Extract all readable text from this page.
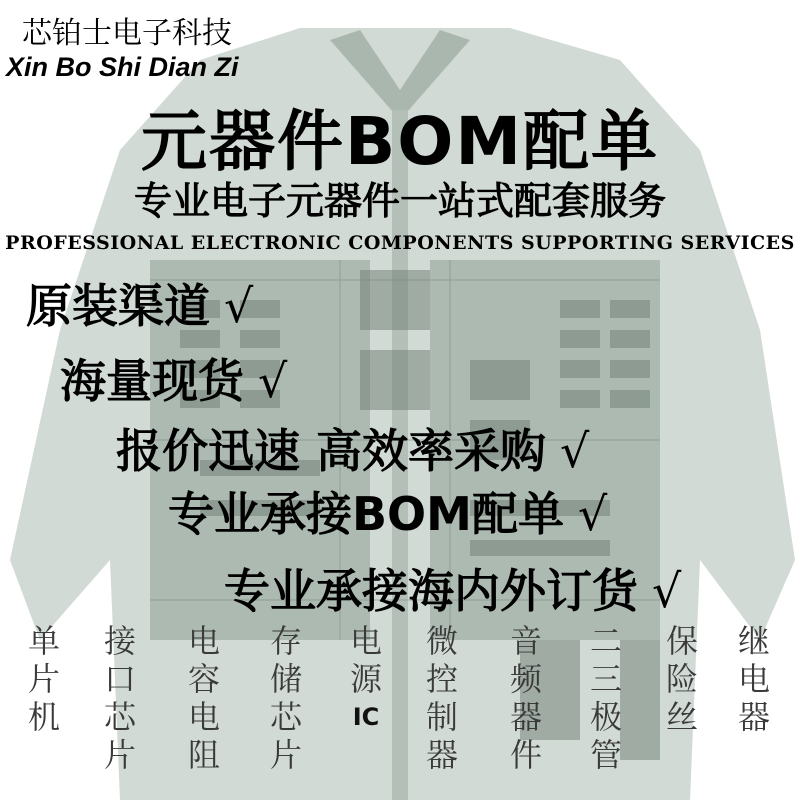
芯铂士电子科技
Xin Bo Shi Dian Zi
元器件BOM配单
专业电子元器件一站式配套服务
PROFESSIONAL ELECTRONIC COMPONENTS SUPPORTING SERVICES
原装渠道 √
海量现货 √
报价迅速 高效率采购 √
专业承接BOM配单 √
专业承接海内外订货 √
单
片
机
接
口
芯
片
电
容
电
阻
存
储
芯
片
电
源
IC
微
控
制
器
音
频
器
件
二
三
极
管
保
险
丝
继
电
器
